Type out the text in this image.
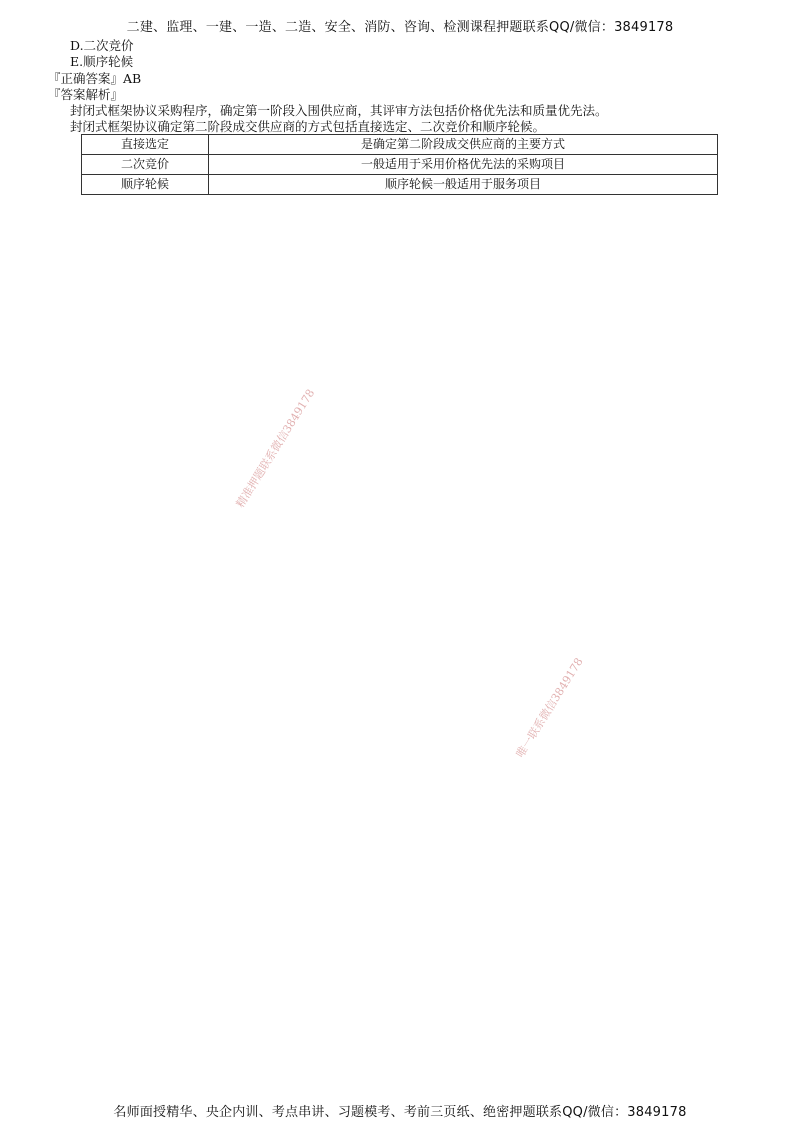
二建、监理、一建、一造、二造、安全、消防、咨询、检测课程押题联系QQ/微信：3849178
D.二次竞价
E.顺序轮候
『正确答案』AB
『答案解析』
封闭式框架协议采购程序，确定第一阶段入围供应商，其评审方法包括价格优先法和质量优先法。
封闭式框架协议确定第二阶段成交供应商的方式包括直接选定、二次竞价和顺序轮候。
直接选定	是确定第二阶段成交供应商的主要方式
二次竞价	一般适用于采用价格优先法的采购项目
顺序轮候	顺序轮候一般适用于服务项目
精准押题联系微信3849178
唯一联系微信3849178
名师面授精华、央企内训、考点串讲、习题模考、考前三页纸、绝密押题联系QQ/微信：3849178
